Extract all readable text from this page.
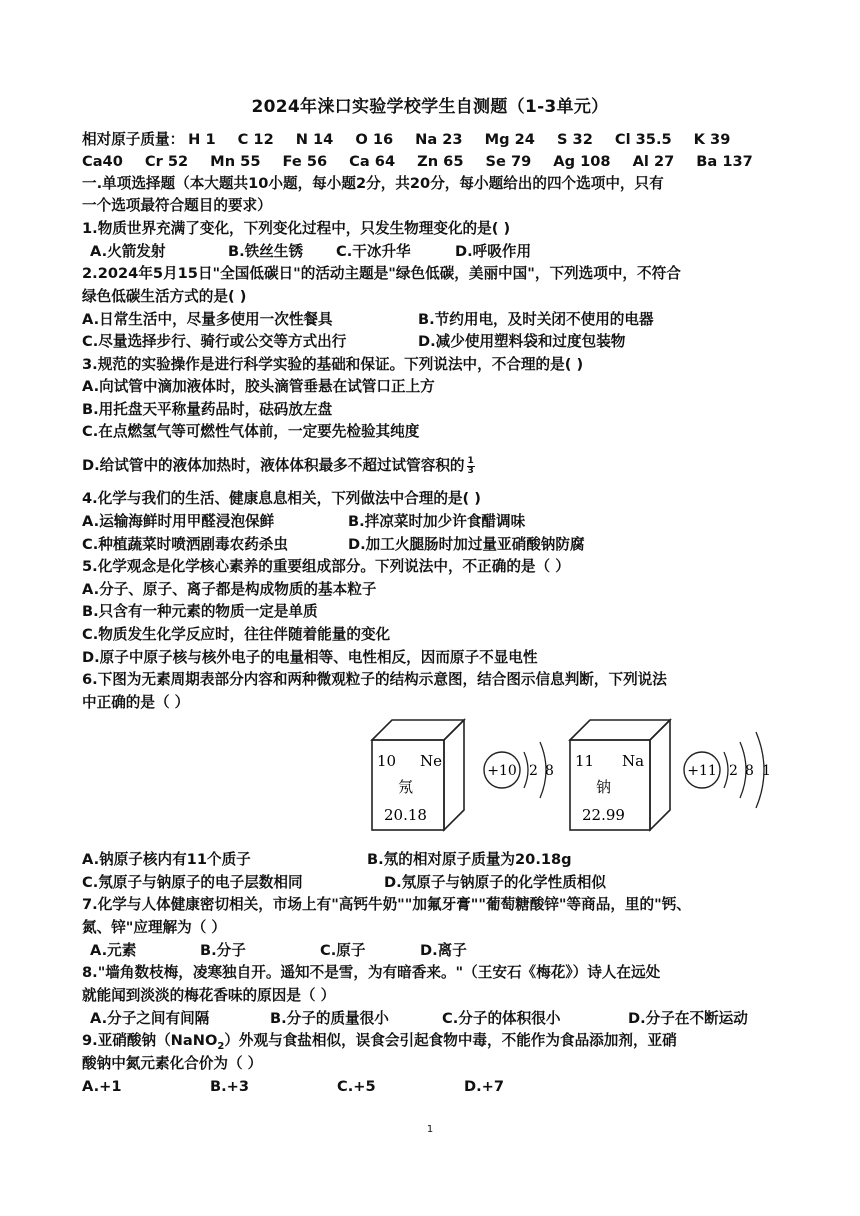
2024年涞口实验学校学生自测题（1-3单元）
相对原子质量： H 1 C 12 N 14 O 16 Na 23 Mg 24 S 32 Cl 35.5 K 39
Ca40 Cr 52 Mn 55 Fe 56 Ca 64 Zn 65 Se 79 Ag 108 Al 27 Ba 137
一.单项选择题（本大题共10小题，每小题2分，共20分，每小题给出的四个选项中，只有
一个选项最符合题目的要求）
1.物质世界充满了变化，下列变化过程中，只发生物理变化的是( )
A.火箭发射	B.铁丝生锈 C.干冰升华	D.呼吸作用
2.2024年5月15日"全国低碳日"的活动主题是"绿色低碳，美丽中国"，下列选项中，不符合
绿色低碳生活方式的是( )
A.日常生活中，尽量多使用一次性餐具	B.节约用电，及时关闭不使用的电器
C.尽量选择步行、骑行或公交等方式出行	D.减少使用塑料袋和过度包装物
3.规范的实验操作是进行科学实验的基础和保证。下列说法中，不合理的是( )
A.向试管中滴加液体时，胶头滴管垂悬在试管口正上方
B.用托盘天平称量药品时，砝码放左盘
C.在点燃氢气等可燃性气体前，一定要先检验其纯度
D.给试管中的液体加热时，液体体积最多不超过试管容积的 $\frac{1}{3}$
4.化学与我们的生活、健康息息相关，下列做法中合理的是( )
A.运输海鲜时用甲醛浸泡保鲜	B.拌凉菜时加少许食醋调味
C.种植蔬菜时喷洒剧毒农药杀虫	D.加工火腿肠时加过量亚硝酸钠防腐
5.化学观念是化学核心素养的重要组成部分。下列说法中，不正确的是（ ）
A.分子、原子、离子都是构成物质的基本粒子
B.只含有一种元素的物质一定是单质
C.物质发生化学反应时，往往伴随着能量的变化
D.原子中原子核与核外电子的电量相等、电性相反，因而原子不显电性
6.下图为无素周期表部分内容和两种微观粒子的结构示意图，结合图示信息判断，下列说法
中正确的是（ ）
10 Ne
氖
20.18
+10 2 8
11 Na
钠
22.99
+11 2 8 1
A.钠原子核内有11个质子	B.氖的相对原子质量为20.18g
C.氖原子与钠原子的电子层数相同	D.氖原子与钠原子的化学性质相似
7.化学与人体健康密切相关，市场上有"高钙牛奶""加氟牙膏""葡萄糖酸锌"等商品，里的"钙、
氮、锌"应理解为（ ）
A.元素	B.分子	C.原子	D.离子
8."墙角数枝梅，凌寒独自开。遥知不是雪，为有暗香来。"（王安石《梅花》）诗人在远处
就能闻到淡淡的梅花香味的原因是（ ）
A.分子之间有间隔	B.分子的质量很小	C.分子的体积很小	D.分子在不断运动
9.亚硝酸钠（NaNO$_2$）外观与食盐相似，误食会引起食物中毒，不能作为食品添加剂，亚硝
酸钠中氮元素化合价为（ ）
A.+1	B.+3	C.+5	D.+7
1
